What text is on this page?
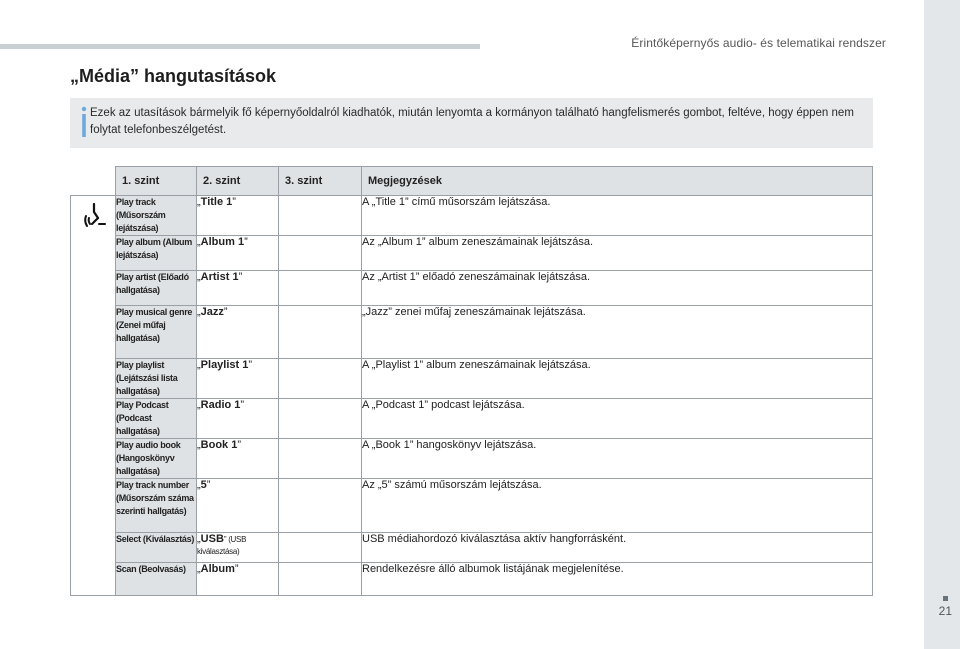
Érintőképernyős audio- és telematikai rendszer
21
„Média” hangutasítások
Ezek az utasítások bármelyik fő képernyőoldalról kiadhatók, miután lenyomta a kormányon található hangfelismerés gombot, feltéve, hogy éppen nem folytat telefonbeszélgetést.
	1. szint	2. szint	3. szint	Megjegyzések

	Play track (Műsorszám lejátszása)	„Title 1”		A „Title 1” című műsorszám lejátszása.
	Play album (Album lejátszása)	„Album 1”		Az „Album 1” album zeneszámainak lejátszása.
	Play artist (Előadó hallgatása)	„Artist 1”		Az „Artist 1” előadó zeneszámainak lejátszása.
	Play musical genre (Zenei műfaj hallgatása)	„Jazz”		„Jazz” zenei műfaj zeneszámainak lejátszása.
	Play playlist (Lejátszási lista hallgatása)	„Playlist 1”		A „Playlist 1” album zeneszámainak lejátszása.
	Play Podcast (Podcast hallgatása)	„Radio 1”		A „Podcast 1” podcast lejátszása.
	Play audio book (Hangoskönyv hallgatása)	„Book 1”		A „Book 1” hangoskönyv lejátszása.
	Play track number (Műsorszám száma szerinti hallgatás)	„5”		Az „5” számú műsorszám lejátszása.
	Select (Kiválasztás)	„USB” (USB kiválasztása)		USB médiahordozó kiválasztása aktív hangforrásként.
	Scan (Beolvasás)	„Album”		Rendelkezésre álló albumok listájának megjelenítése.
